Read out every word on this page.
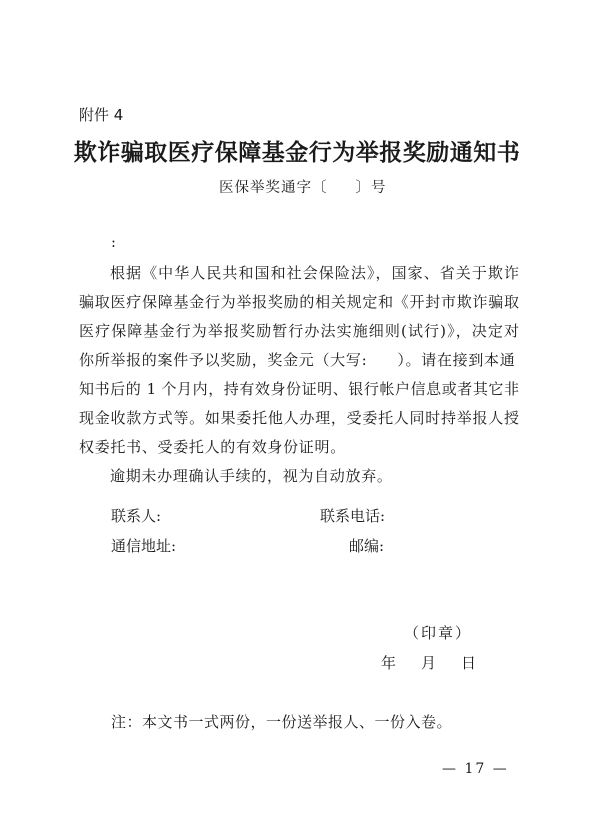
附件 4
欺诈骗取医疗保障基金行为举报奖励通知书
医保举奖通字〔 〕号
:
根据《中华人民共和国和社会保险法》，国家、省关于欺诈
骗取医疗保障基金行为举报奖励的相关规定和《开封市欺诈骗取
医疗保障基金行为举报奖励暂行办法实施细则(试行)》，决定对
你所举报的案件予以奖励，奖金元（大写: ）。请在接到本通
知书后的 1 个月内，持有效身份证明、银行帐户信息或者其它非
现金收款方式等。如果委托他人办理，受委托人同时持举报人授
权委托书、受委托人的有效身份证明。
逾期未办理确认手续的，视为自动放弃。
联系人:	联系电话:
通信地址:	邮编:
（印章）
年 月 日
注：本文书一式两份，一份送举报人、一份入卷。
— 17 —
